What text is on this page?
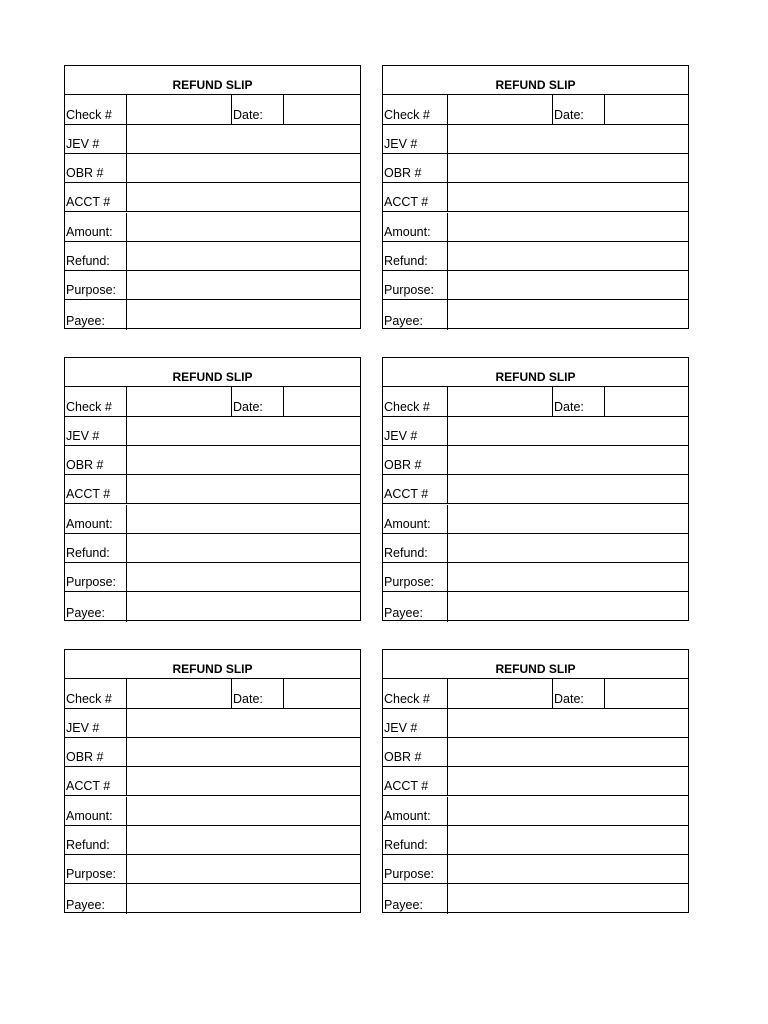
REFUND SLIP
Check #	Date:
JEV #
OBR #
ACCT #
Amount:
Refund:
Purpose:
Payee:
REFUND SLIP
Check #	Date:
JEV #
OBR #
ACCT #
Amount:
Refund:
Purpose:
Payee:
REFUND SLIP
Check #	Date:
JEV #
OBR #
ACCT #
Amount:
Refund:
Purpose:
Payee:
REFUND SLIP
Check #	Date:
JEV #
OBR #
ACCT #
Amount:
Refund:
Purpose:
Payee:
REFUND SLIP
Check #	Date:
JEV #
OBR #
ACCT #
Amount:
Refund:
Purpose:
Payee:
REFUND SLIP
Check #	Date:
JEV #
OBR #
ACCT #
Amount:
Refund:
Purpose:
Payee:
